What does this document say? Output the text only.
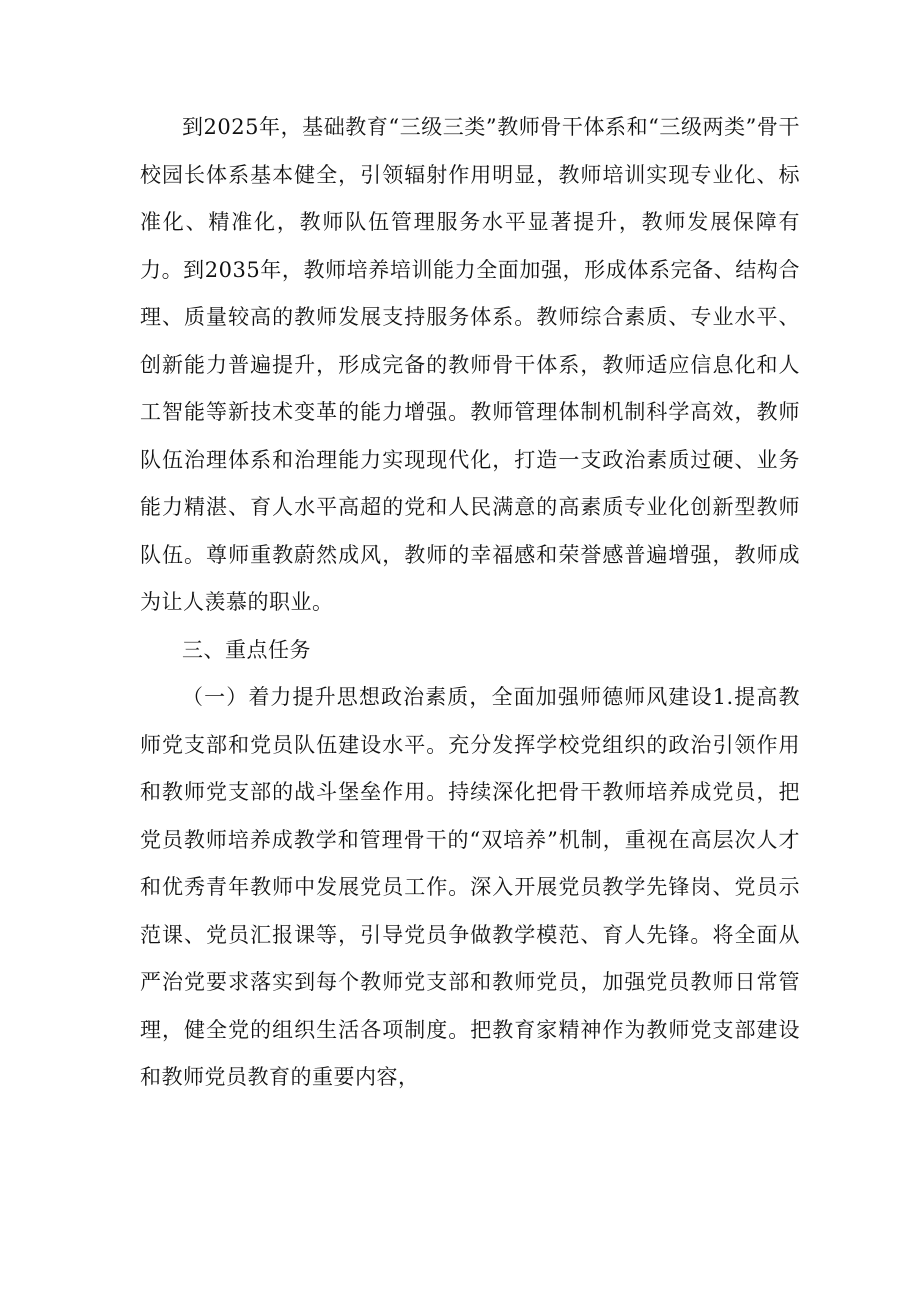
到2025年，基础教育“三级三类”教师骨干体系和“三级两类”骨干校园长体系基本健全，引领辐射作用明显，教师培训实现专业化、标准化、精准化，教师队伍管理服务水平显著提升，教师发展保障有力。到2035年，教师培养培训能力全面加强，形成体系完备、结构合理、质量较高的教师发展支持服务体系。教师综合素质、专业水平、创新能力普遍提升，形成完备的教师骨干体系，教师适应信息化和人工智能等新技术变革的能力增强。教师管理体制机制科学高效，教师队伍治理体系和治理能力实现现代化，打造一支政治素质过硬、业务能力精湛、育人水平高超的党和人民满意的高素质专业化创新型教师队伍。尊师重教蔚然成风，教师的幸福感和荣誉感普遍增强，教师成为让人羡慕的职业。

三、重点任务

（一）着力提升思想政治素质，全面加强师德师风建设1.提高教师党支部和党员队伍建设水平。充分发挥学校党组织的政治引领作用和教师党支部的战斗堡垒作用。持续深化把骨干教师培养成党员，把党员教师培养成教学和管理骨干的“双培养”机制，重视在高层次人才和优秀青年教师中发展党员工作。深入开展党员教学先锋岗、党员示范课、党员汇报课等，引导党员争做教学模范、育人先锋。将全面从严治党要求落实到每个教师党支部和教师党员，加强党员教师日常管理，健全党的组织生活各项制度。把教育家精神作为教师党支部建设和教师党员教育的重要内容，
